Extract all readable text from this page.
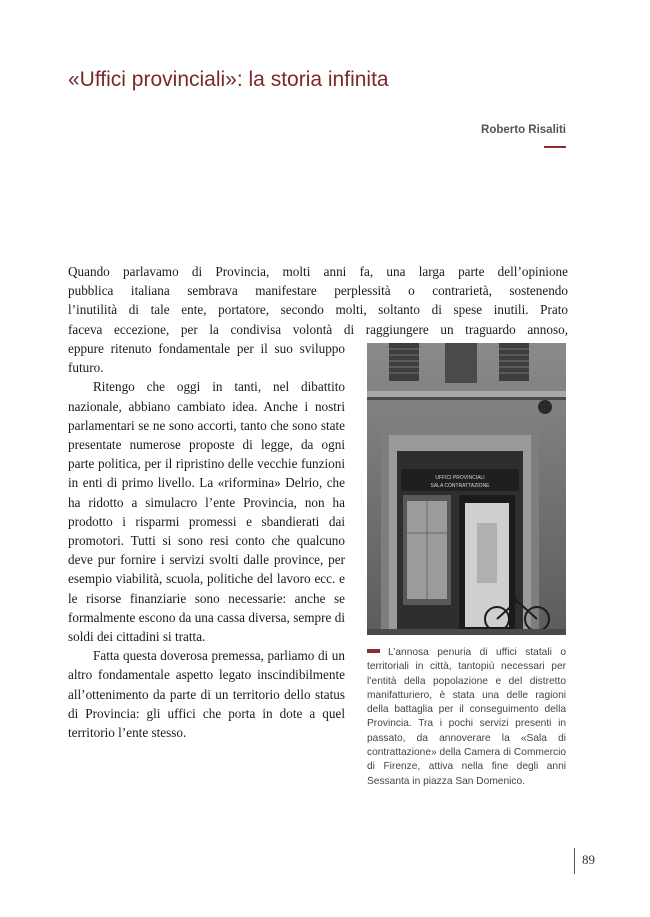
«Uffici provinciali»: la storia infinita
Roberto Risaliti
Quando parlavamo di Provincia, molti anni fa, una larga parte dell’opinione
pubblica italiana sembrava manifestare perplessità o contrarietà, sostenendo
l’inutilità di tale ente, portatore, secondo molti, soltanto di spese inutili. Prato
faceva eccezione, per la condivisa volontà di raggiungere un traguardo annoso,

eppure ritenuto fondamentale per il suo sviluppo futuro.

Ritengo che oggi in tanti, nel dibattito nazionale, abbiano cambiato idea. Anche i nostri parlamentari se ne sono accorti, tanto che sono state presentate numerose proposte di legge, da ogni parte politica, per il ripristino delle vecchie funzioni in enti di primo livello. La «riformina» Delrio, che ha ridotto a simulacro l’ente Provincia, non ha prodotto i risparmi promessi e sbandierati dai promotori. Tutti si sono resi conto che qualcuno deve pur fornire i servizi svolti dalle province, per esempio viabilità, scuola, politiche del lavoro ecc. e le risorse finanziarie sono necessarie: anche se formalmente escono da una cassa diversa, sempre di soldi dei cittadini si tratta.

Fatta questa doverosa premessa, parliamo di un altro fondamentale aspetto legato inscindibilmente all’ottenimento da parte di un territorio dello status di Provincia: gli uffici che porta in dote a quel territorio l’ente stesso.

UFFICI PROVINCIALI
SALA CONTRATTAZIONE
L’annosa penuria di uffici statali o territoriali in città, tantopiù necessari per l’entità della popolazione e del distretto manifatturiero, è stata una delle ragioni della battaglia per il conseguimento della Provincia. Tra i pochi servizi presenti in passato, da annoverare la «Sala di contrattazione» della Camera di Commercio di Firenze, attiva nella fine degli anni Sessanta in piazza San Domenico.
89
